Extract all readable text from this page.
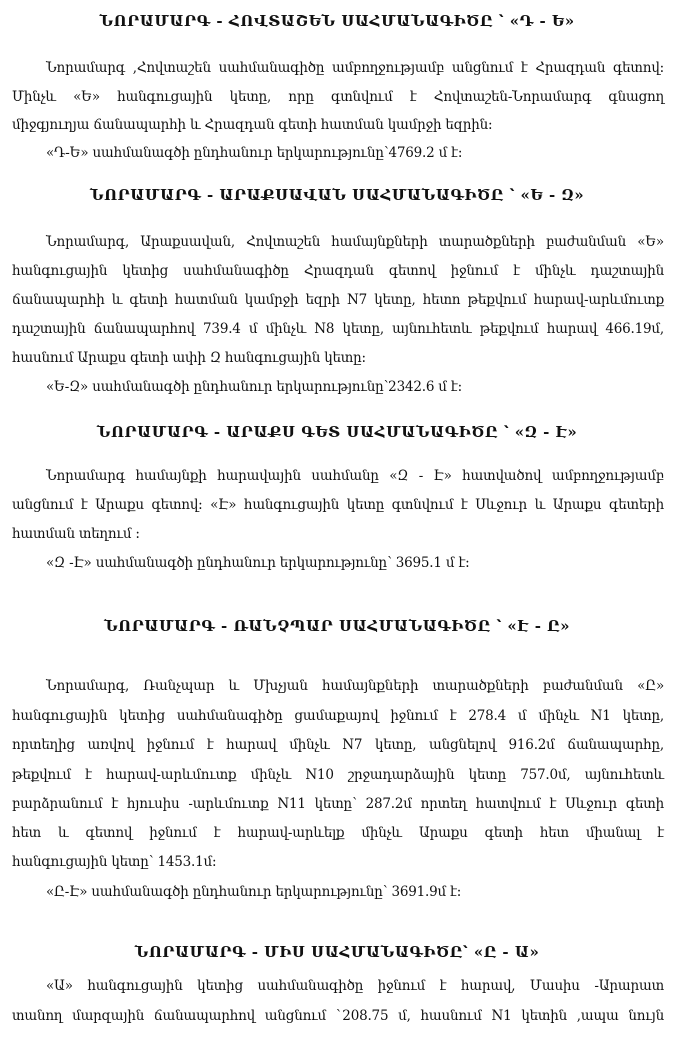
ՆՈՐԱՄԱՐԳ - ՀՈՎՏԱՇԵՆ ՍԱՀՄԱՆԱԳԻԾԸ ՝ «Դ - Ե»
Նորամարգ ,Հովտաշեն սահմանագիծը ամբողջությամբ անցնում է Հրազդան գետով:
Մինչև «Ե» հանգուցային կետը, որը գտնվում է Հովտաշեն-Նորամարգ գնացող
միջգյուղյա ճանապարհի և Հրազդան գետի հատման կամրջի եզրին:
«Դ-Ե» սահմանագծի ընդհանուր երկարությունը՝4769.2 մ է:
ՆՈՐԱՄԱՐԳ - ԱՐԱՔՍԱՎԱՆ ՍԱՀՄԱՆԱԳԻԾԸ ՝ «Ե - Զ»
Նորամարգ, Արաքսավան, Հովտաշեն համայնքների տարածքների բաժանման «Ե»
հանգուցային կետից սահմանագիծը Հրազդան գետով իջնում է մինչև դաշտային
ճանապարհի և գետի հատման կամրջի եզրի N7 կետը, հետո թեքվում հարավ-արևմուտք
դաշտային ճանապարհով 739.4 մ մինչև N8 կետը, այնուհետև թեքվում հարավ 466.19մ,
հասնում Արաքս գետի ափի Զ հանգուցային կետը:
«Ե-Զ» սահմանագծի ընդհանուր երկարությունը՝2342.6 մ է:
ՆՈՐԱՄԱՐԳ - ԱՐԱՔՍ ԳԵՏ ՍԱՀՄԱՆԱԳԻԾԸ ՝ «Զ - Է»
Նորամարգ համայնքի հարավային սահմանը «Զ - Է» հատվածով ամբողջությամբ
անցնում է Արաքս գետով: «Է» հանգուցային կետը գտնվում է Սևջուր և Արաքս գետերի
հատման տեղում :
«Զ -Է» սահմանագծի ընդհանուր երկարությունը՝ 3695.1 մ է:
ՆՈՐԱՄԱՐԳ - ՌԱՆՉՊԱՐ ՍԱՀՄԱՆԱԳԻԾԸ ՝ «Է - Ը»
Նորամարգ, Ռանչպար և Մխչյան համայնքների տարածքների բաժանման «Ը»
հանգուցային կետից սահմանագիծը ցամաքայով իջնում է 278.4 մ մինչև N1 կետը,
որտեղից առվով իջնում է հարավ մինչև N7 կետը, անցնելով 916.2մ ճանապարհը,
թեքվում է հարավ-արևմուտք մինչև N10 շրջադարձային կետը 757.0մ, այնուհետև
բարձրանում է հյուսիս -արևմուտք N11 կետը՝ 287.2մ որտեղ հատվում է Սևջուր գետի
հետ և գետով իջնում է հարավ-արևելք մինչև Արաքս գետի հետ միանալ է
հանգուցային կետը՝ 1453.1մ:
«Ը-Է» սահմանագծի ընդհանուր երկարությունը՝ 3691.9մ է:
ՆՈՐԱՄԱՐԳ - ՄԻՍ ՍԱՀՄԱՆԱԳԻԾԸ՝ «Ը - Ա»
«Ա» հանգուցային կետից սահմանագիծը իջնում է հարավ, Մասիս -Արարատ
տանող մարզային ճանապարհով անցնում `208.75 մ, հասնում N1 կետին ,ապա նույն
